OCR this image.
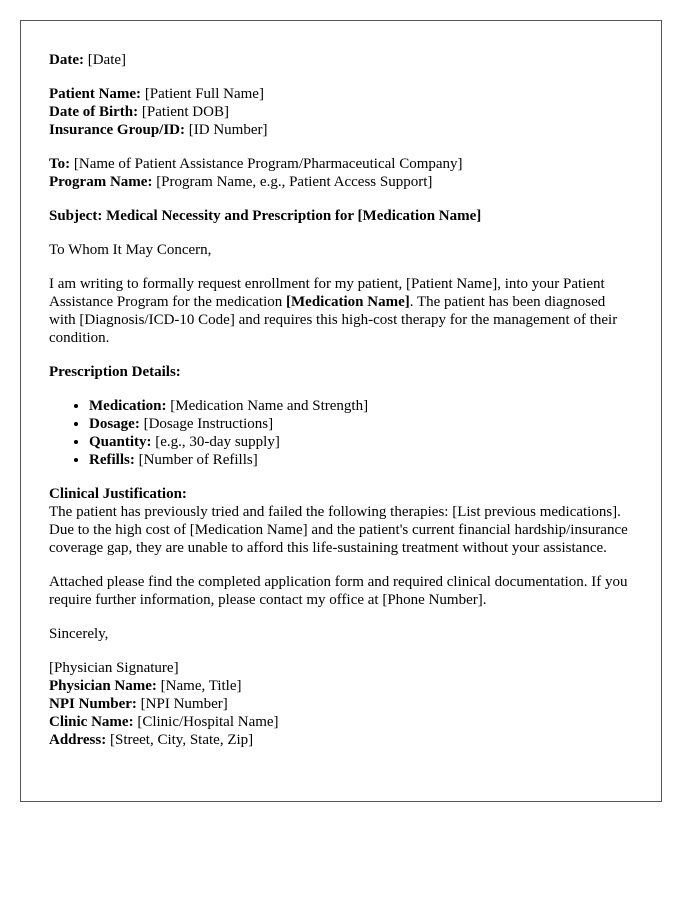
Date: [Date]

Patient Name: [Patient Full Name]
Date of Birth: [Patient DOB]
Insurance Group/ID: [ID Number]

To: [Name of Patient Assistance Program/Pharmaceutical Company]
Program Name: [Program Name, e.g., Patient Access Support]

Subject: Medical Necessity and Prescription for [Medication Name]

To Whom It May Concern,

I am writing to formally request enrollment for my patient, [Patient Name], into your Patient Assistance Program for the medication [Medication Name]. The patient has been diagnosed with [Diagnosis/ICD-10 Code] and requires this high-cost therapy for the management of their condition.

Prescription Details:

• Medication: [Medication Name and Strength]
• Dosage: [Dosage Instructions]
• Quantity: [e.g., 30-day supply]
• Refills: [Number of Refills]

Clinical Justification:
The patient has previously tried and failed the following therapies: [List previous medications]. Due to the high cost of [Medication Name] and the patient's current financial hardship/insurance coverage gap, they are unable to afford this life-sustaining treatment without your assistance.

Attached please find the completed application form and required clinical documentation. If you require further information, please contact my office at [Phone Number].

Sincerely,

[Physician Signature]
Physician Name: [Name, Title]
NPI Number: [NPI Number]
Clinic Name: [Clinic/Hospital Name]
Address: [Street, City, State, Zip]
